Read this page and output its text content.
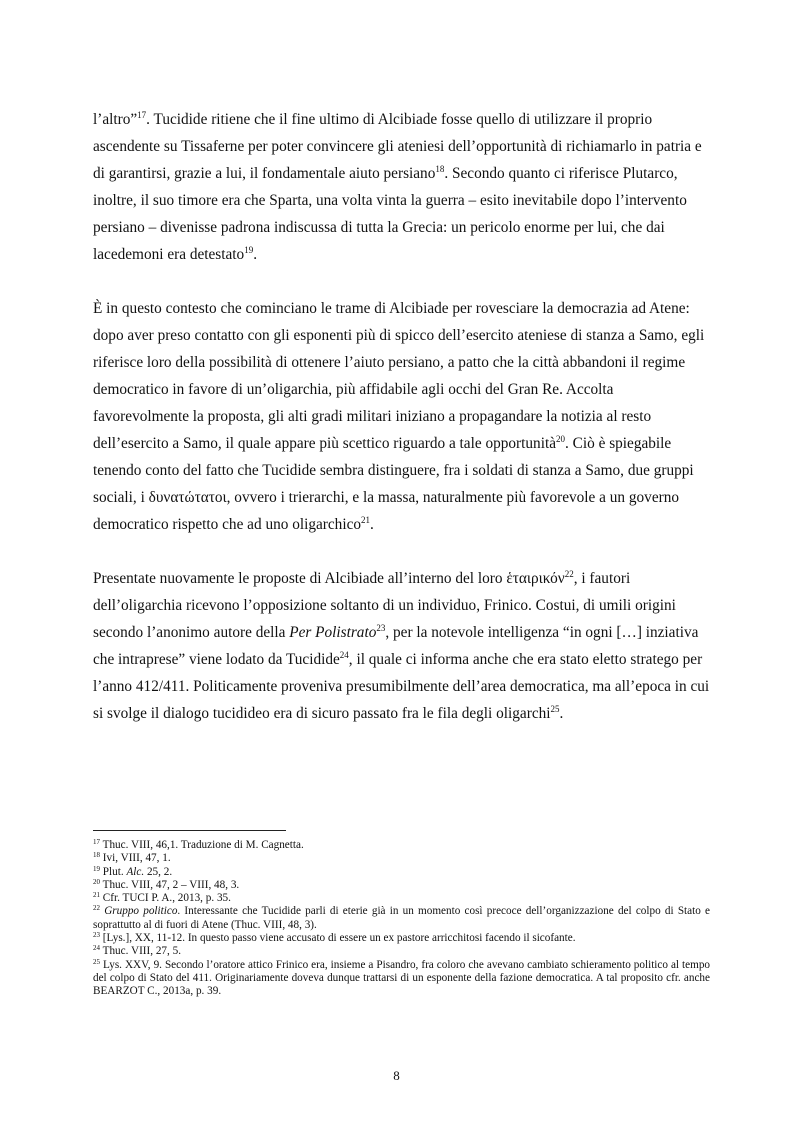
l’altro”$^{17}$. Tucidide ritiene che il fine ultimo di Alcibiade fosse quello di utilizzare il proprio ascendente su Tissaferne per poter convincere gli ateniesi dell’opportunità di richiamarlo in patria e di garantirsi, grazie a lui, il fondamentale aiuto persiano$^{18}$. Secondo quanto ci riferisce Plutarco, inoltre, il suo timore era che Sparta, una volta vinta la guerra – esito inevitabile dopo l’intervento persiano – divenisse padrona indiscussa di tutta la Grecia: un pericolo enorme per lui, che dai lacedemoni era detestato$^{19}$.

È in questo contesto che cominciano le trame di Alcibiade per rovesciare la democrazia ad Atene: dopo aver preso contatto con gli esponenti più di spicco dell’esercito ateniese di stanza a Samo, egli riferisce loro della possibilità di ottenere l’aiuto persiano, a patto che la città abbandoni il regime democratico in favore di un’oligarchia, più affidabile agli occhi del Gran Re. Accolta favorevolmente la proposta, gli alti gradi militari iniziano a propagandare la notizia al resto dell’esercito a Samo, il quale appare più scettico riguardo a tale opportunità$^{20}$. Ciò è spiegabile tenendo conto del fatto che Tucidide sembra distinguere, fra i soldati di stanza a Samo, due gruppi sociali, i δυνατώτατοι, ovvero i trierarchi, e la massa, naturalmente più favorevole a un governo democratico rispetto che ad uno oligarchico$^{21}$.

Presentate nuovamente le proposte di Alcibiade all’interno del loro ἑταιρικόν$^{22}$, i fautori dell’oligarchia ricevono l’opposizione soltanto di un individuo, Frinico. Costui, di umili origini secondo l’anonimo autore della Per Polistrato$^{23}$, per la notevole intelligenza “in ogni […] inziativa che intraprese” viene lodato da Tucidide$^{24}$, il quale ci informa anche che era stato eletto stratego per l’anno 412/411. Politicamente proveniva presumibilmente dell’area democratica, ma all’epoca in cui si svolge il dialogo tucidideo era di sicuro passato fra le fila degli oligarchi$^{25}$.

$^{17}$ Thuc. VIII, 46,1. Traduzione di M. Cagnetta.
$^{18}$ Ivi, VIII, 47, 1.
$^{19}$ Plut. Alc. 25, 2.
$^{20}$ Thuc. VIII, 47, 2 – VIII, 48, 3.
$^{21}$ Cfr. TUCI P. A., 2013, p. 35.
$^{22}$ Gruppo politico. Interessante che Tucidide parli di eterie già in un momento così precoce dell’organizzazione del colpo di Stato e soprattutto al di fuori di Atene (Thuc. VIII, 48, 3).
$^{23}$ [Lys.], XX, 11-12. In questo passo viene accusato di essere un ex pastore arricchitosi facendo il sicofante.
$^{24}$ Thuc. VIII, 27, 5.
$^{25}$ Lys. XXV, 9. Secondo l’oratore attico Frinico era, insieme a Pisandro, fra coloro che avevano cambiato schieramento politico al tempo del colpo di Stato del 411. Originariamente doveva dunque trattarsi di un esponente della fazione democratica. A tal proposito cfr. anche BEARZOT C., 2013a, p. 39.
8
